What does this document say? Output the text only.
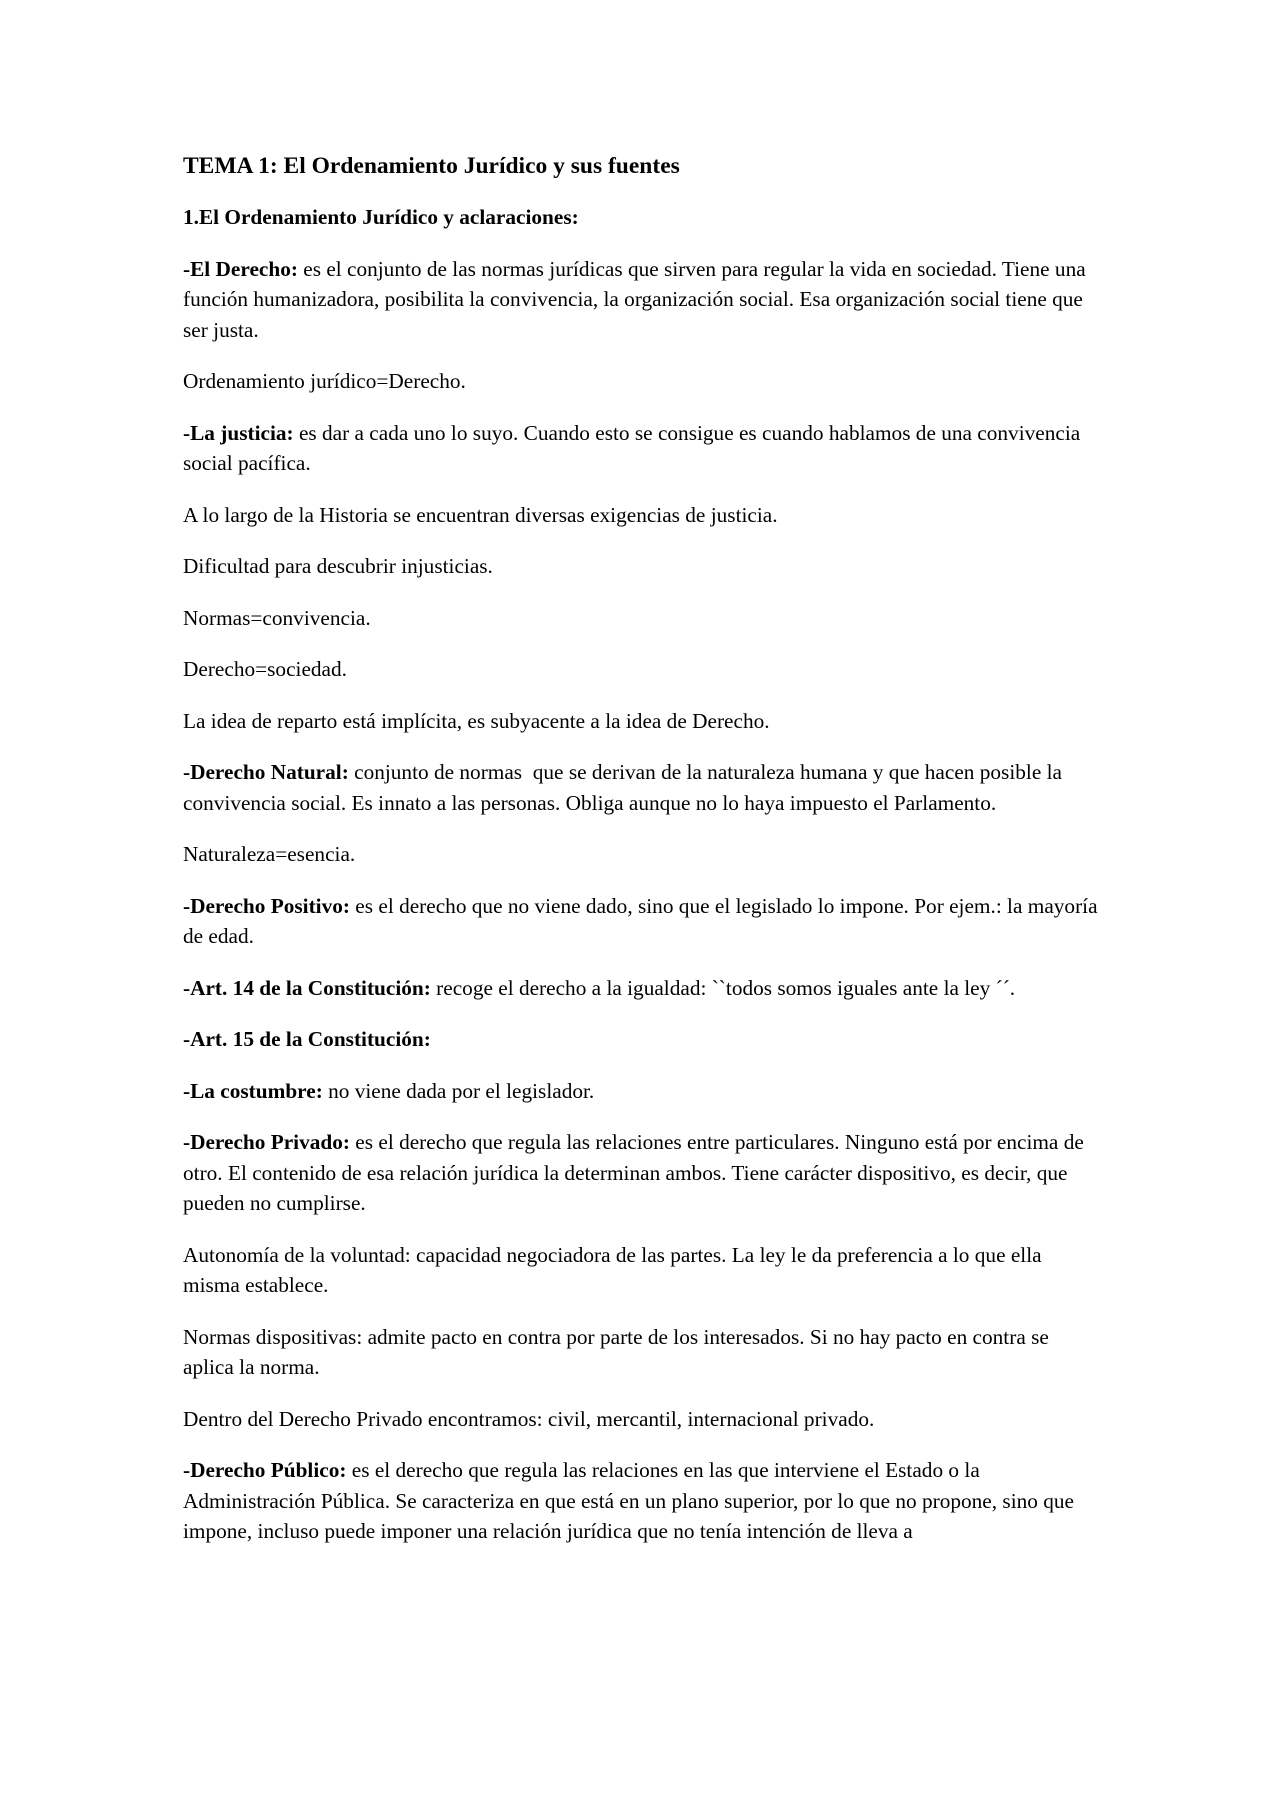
TEMA 1: El Ordenamiento Jurídico y sus fuentes
1.El Ordenamiento Jurídico y aclaraciones:

-El Derecho: es el conjunto de las normas jurídicas que sirven para regular la vida en sociedad. Tiene una función humanizadora, posibilita la convivencia, la organización social. Esa organización social tiene que ser justa.

Ordenamiento jurídico=Derecho.

-La justicia: es dar a cada uno lo suyo. Cuando esto se consigue es cuando hablamos de una convivencia social pacífica.

A lo largo de la Historia se encuentran diversas exigencias de justicia.

Dificultad para descubrir injusticias.

Normas=convivencia.

Derecho=sociedad.

La idea de reparto está implícita, es subyacente a la idea de Derecho.

-Derecho Natural: conjunto de normas  que se derivan de la naturaleza humana y que hacen posible la convivencia social. Es innato a las personas. Obliga aunque no lo haya impuesto el Parlamento.

Naturaleza=esencia.

-Derecho Positivo: es el derecho que no viene dado, sino que el legislado lo impone. Por ejem.: la mayoría de edad.

-Art. 14 de la Constitución: recoge el derecho a la igualdad: ``todos somos iguales ante la ley ´´.

-Art. 15 de la Constitución:

-La costumbre: no viene dada por el legislador.

-Derecho Privado: es el derecho que regula las relaciones entre particulares. Ninguno está por encima de otro. El contenido de esa relación jurídica la determinan ambos. Tiene carácter dispositivo, es decir, que pueden no cumplirse.

Autonomía de la voluntad: capacidad negociadora de las partes. La ley le da preferencia a lo que ella misma establece.

Normas dispositivas: admite pacto en contra por parte de los interesados. Si no hay pacto en contra se aplica la norma.

Dentro del Derecho Privado encontramos: civil, mercantil, internacional privado.

-Derecho Público: es el derecho que regula las relaciones en las que interviene el Estado o la Administración Pública. Se caracteriza en que está en un plano superior, por lo que no propone, sino que impone, incluso puede imponer una relación jurídica que no tenía intención de lleva a
